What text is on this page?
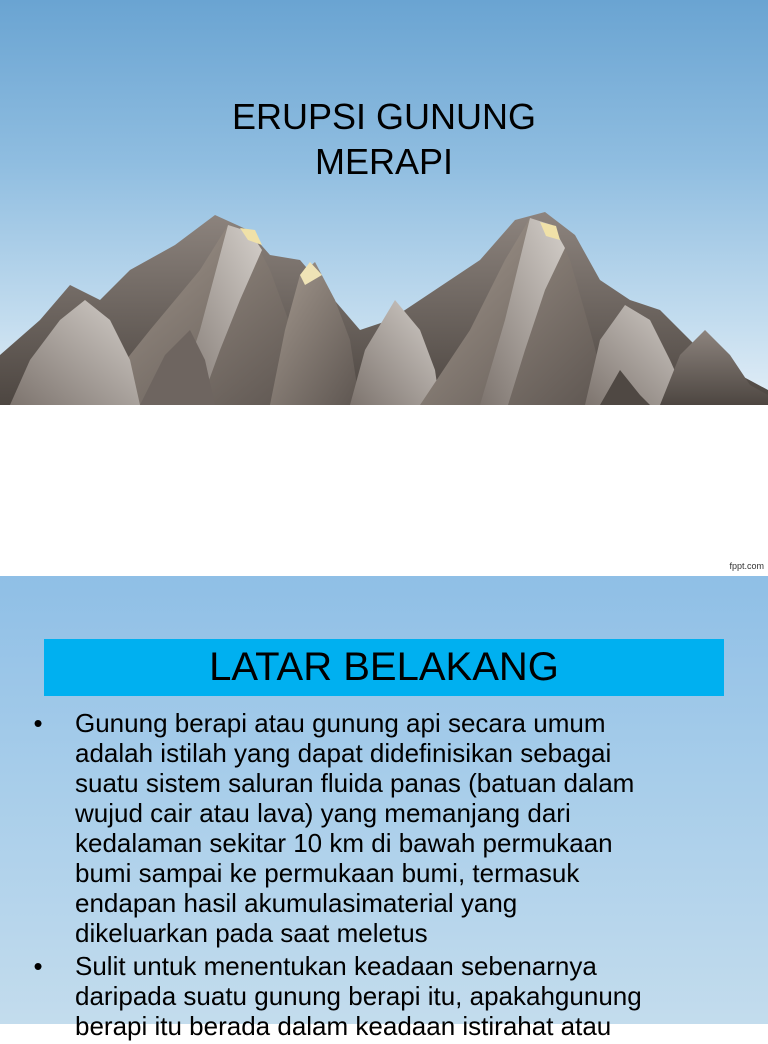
ERUPSI GUNUNG
MERAPI
fppt.com
LATAR BELAKANG
• Gunung berapi atau gunung api secara umum
adalah istilah yang dapat didefinisikan sebagai
suatu sistem saluran fluida panas (batuan dalam
wujud cair atau lava) yang memanjang dari
kedalaman sekitar 10 km di bawah permukaan
bumi sampai ke permukaan bumi, termasuk
endapan hasil akumulasimaterial yang
dikeluarkan pada saat meletus
• Sulit untuk menentukan keadaan sebenarnya
daripada suatu gunung berapi itu, apakahgunung
berapi itu berada dalam keadaan istirahat atau
